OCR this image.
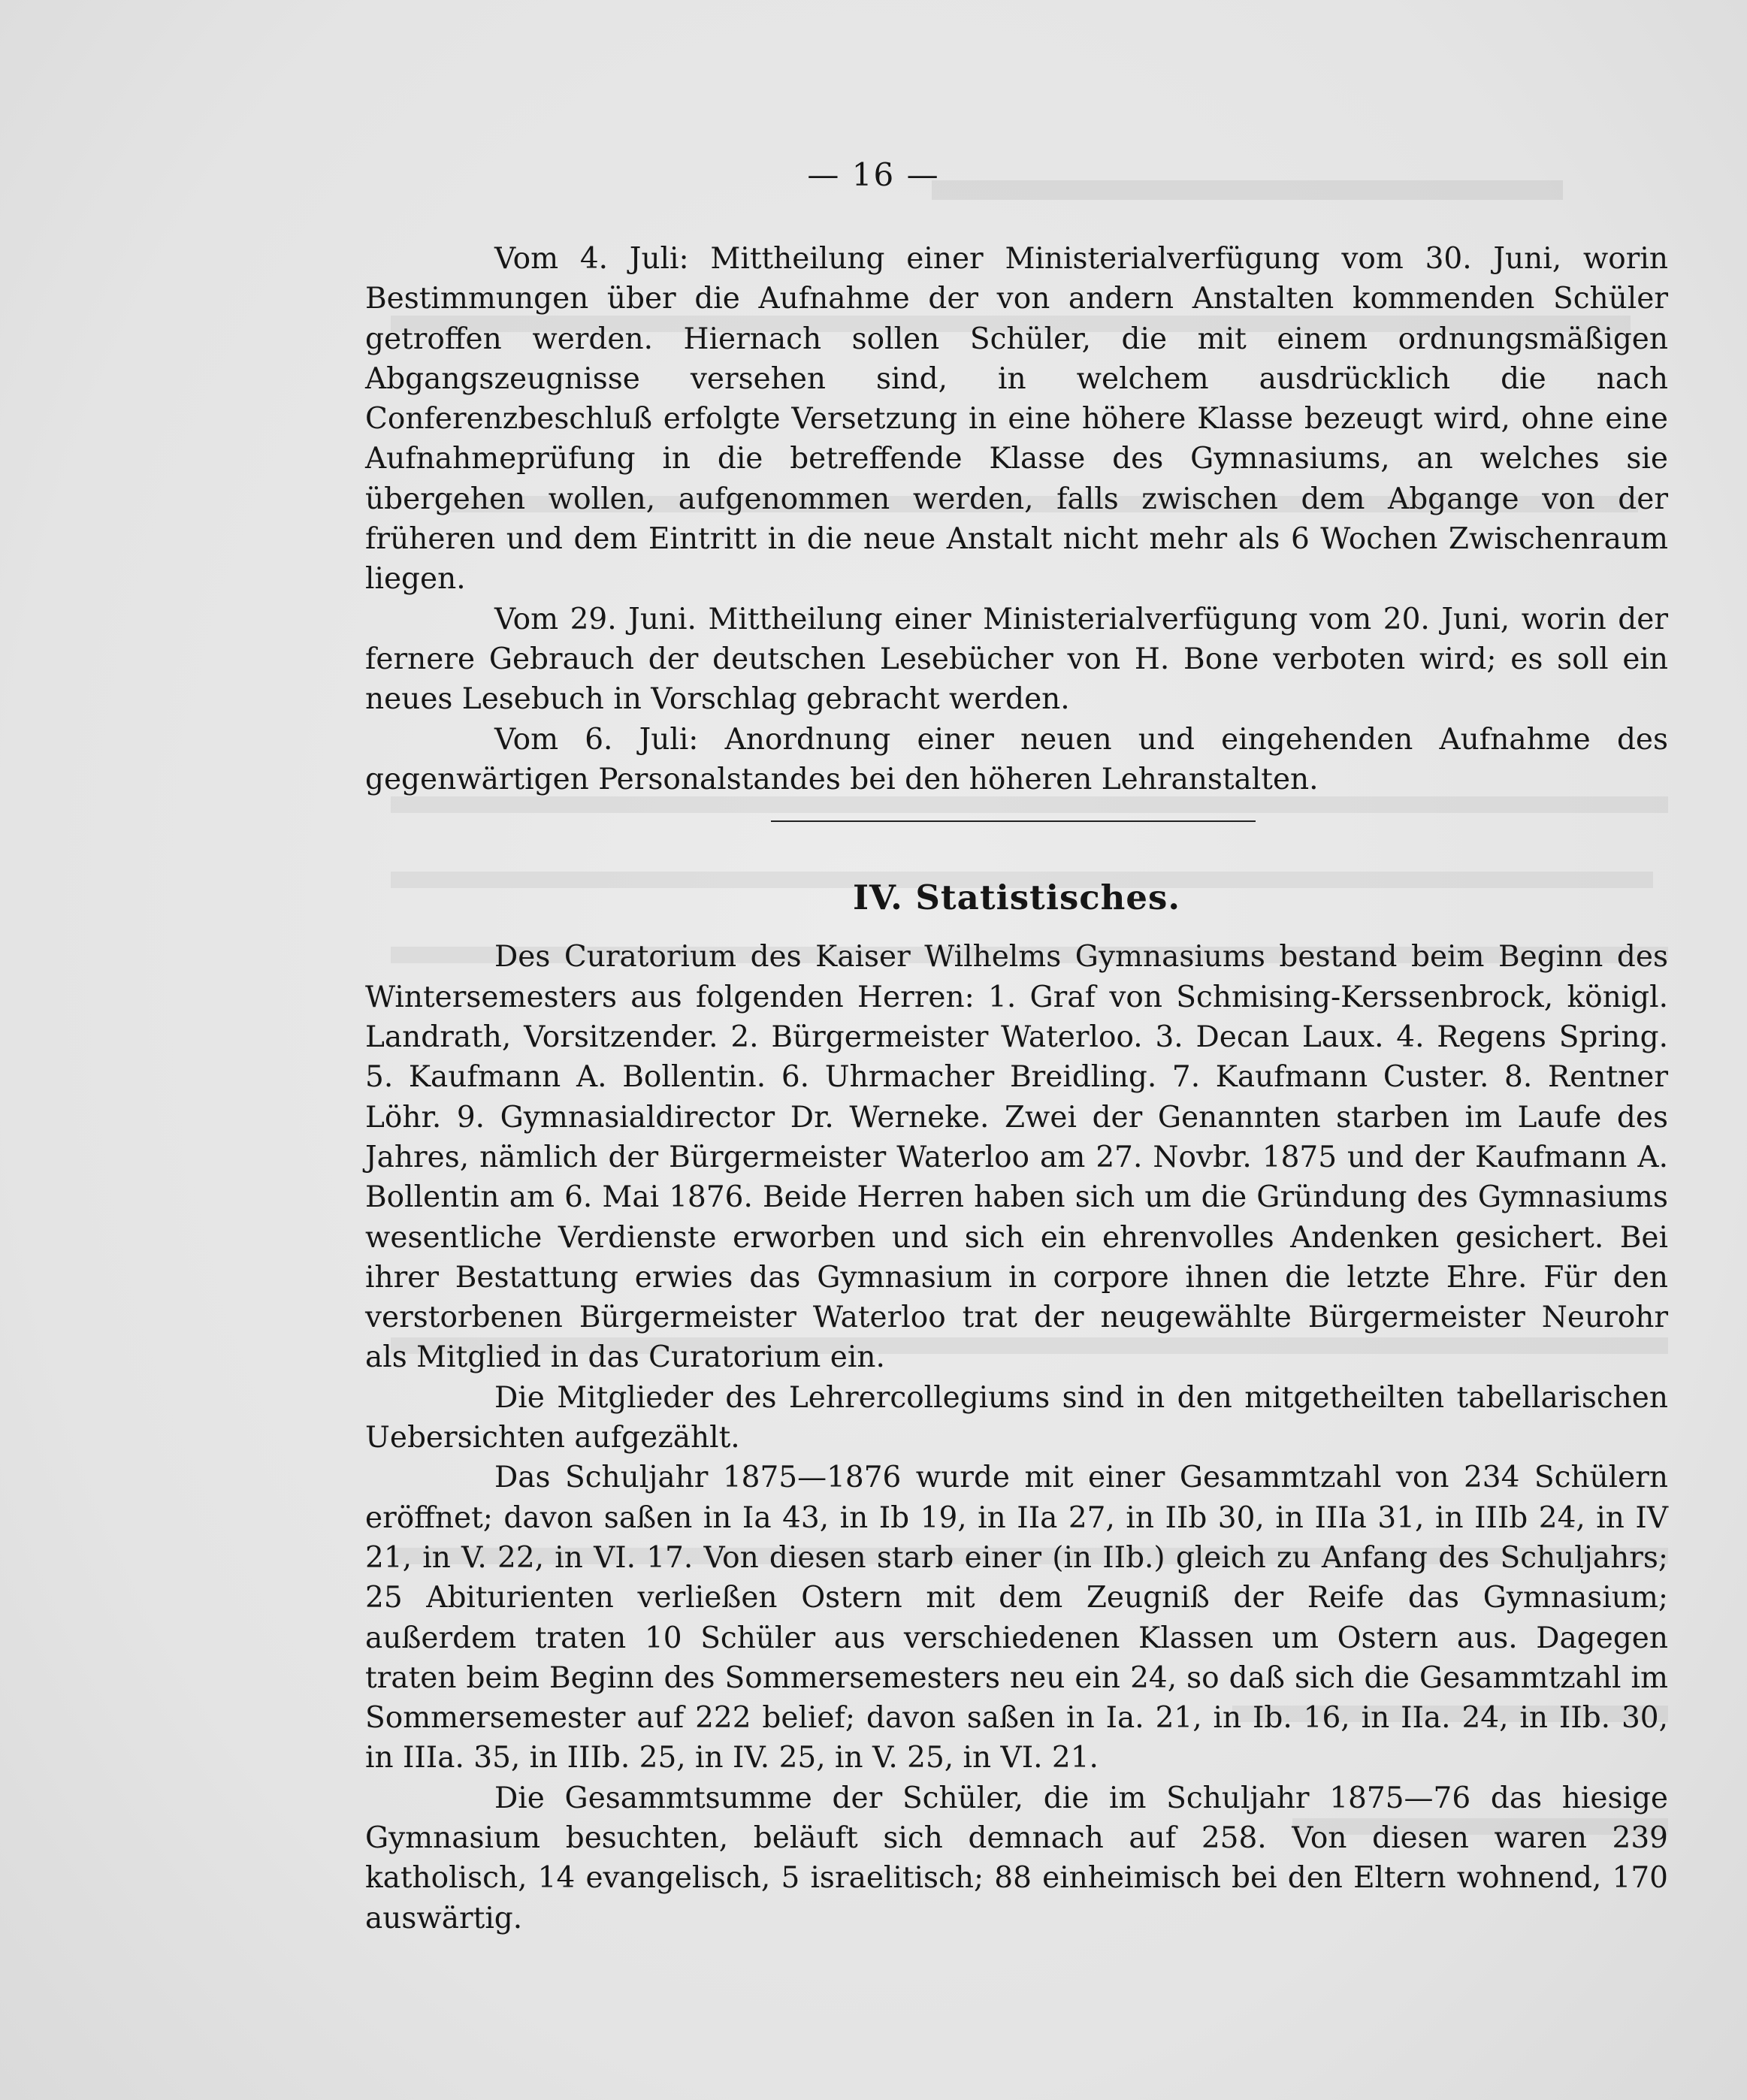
— 16 —

Vom 4. Juli: Mittheilung einer Ministerialverfügung vom 30. Juni, worin Bestimmungen über die Aufnahme der von andern Anstalten kommenden Schüler getroffen werden. Hiernach sollen Schüler, die mit einem ordnungsmäßigen Abgangszeugnisse versehen sind, in welchem ausdrücklich die nach Conferenzbeschluß erfolgte Versetzung in eine höhere Klasse bezeugt wird, ohne eine Aufnahmeprüfung in die betreffende Klasse des Gymnasiums, an welches sie übergehen wollen, aufgenommen werden, falls zwischen dem Abgange von der früheren und dem Eintritt in die neue Anstalt nicht mehr als 6 Wochen Zwischenraum liegen.

Vom 29. Juni. Mittheilung einer Ministerialverfügung vom 20. Juni, worin der fernere Gebrauch der deutschen Lesebücher von H. Bone verboten wird; es soll ein neues Lesebuch in Vorschlag gebracht werden.

Vom 6. Juli: Anordnung einer neuen und eingehenden Aufnahme des gegenwärtigen Personalstandes bei den höheren Lehranstalten.

IV. Statistisches.

Des Curatorium des Kaiser Wilhelms Gymnasiums bestand beim Beginn des Wintersemesters aus folgenden Herren: 1. Graf von Schmising-Kerssenbrock, königl. Landrath, Vorsitzender. 2. Bürgermeister Waterloo. 3. Decan Laux. 4. Regens Spring. 5. Kaufmann A. Bollentin. 6. Uhrmacher Breidling. 7. Kaufmann Custer. 8. Rentner Löhr. 9. Gymnasialdirector Dr. Werneke. Zwei der Genannten starben im Laufe des Jahres, nämlich der Bürgermeister Waterloo am 27. Novbr. 1875 und der Kaufmann A. Bollentin am 6. Mai 1876. Beide Herren haben sich um die Gründung des Gymnasiums wesentliche Verdienste erworben und sich ein ehrenvolles Andenken gesichert. Bei ihrer Bestattung erwies das Gymnasium in corpore ihnen die letzte Ehre. Für den verstorbenen Bürgermeister Waterloo trat der neugewählte Bürgermeister Neurohr als Mitglied in das Curatorium ein.

Die Mitglieder des Lehrercollegiums sind in den mitgetheilten tabellarischen Uebersichten aufgezählt.

Das Schuljahr 1875—1876 wurde mit einer Gesammtzahl von 234 Schülern eröffnet; davon saßen in Ia 43, in Ib 19, in IIa 27, in IIb 30, in IIIa 31, in IIIb 24, in IV 21, in V. 22, in VI. 17. Von diesen starb einer (in IIb.) gleich zu Anfang des Schuljahrs; 25 Abiturienten verließen Ostern mit dem Zeugniß der Reife das Gymnasium; außerdem traten 10 Schüler aus verschiedenen Klassen um Ostern aus. Dagegen traten beim Beginn des Sommersemesters neu ein 24, so daß sich die Gesammtzahl im Sommersemester auf 222 belief; davon saßen in Ia. 21, in Ib. 16, in IIa. 24, in IIb. 30, in IIIa. 35, in IIIb. 25, in IV. 25, in V. 25, in VI. 21.

Die Gesammtsumme der Schüler, die im Schuljahr 1875—76 das hiesige Gymnasium besuchten, beläuft sich demnach auf 258. Von diesen waren 239 katholisch, 14 evangelisch, 5 israelitisch; 88 einheimisch bei den Eltern wohnend, 170 auswärtig.
